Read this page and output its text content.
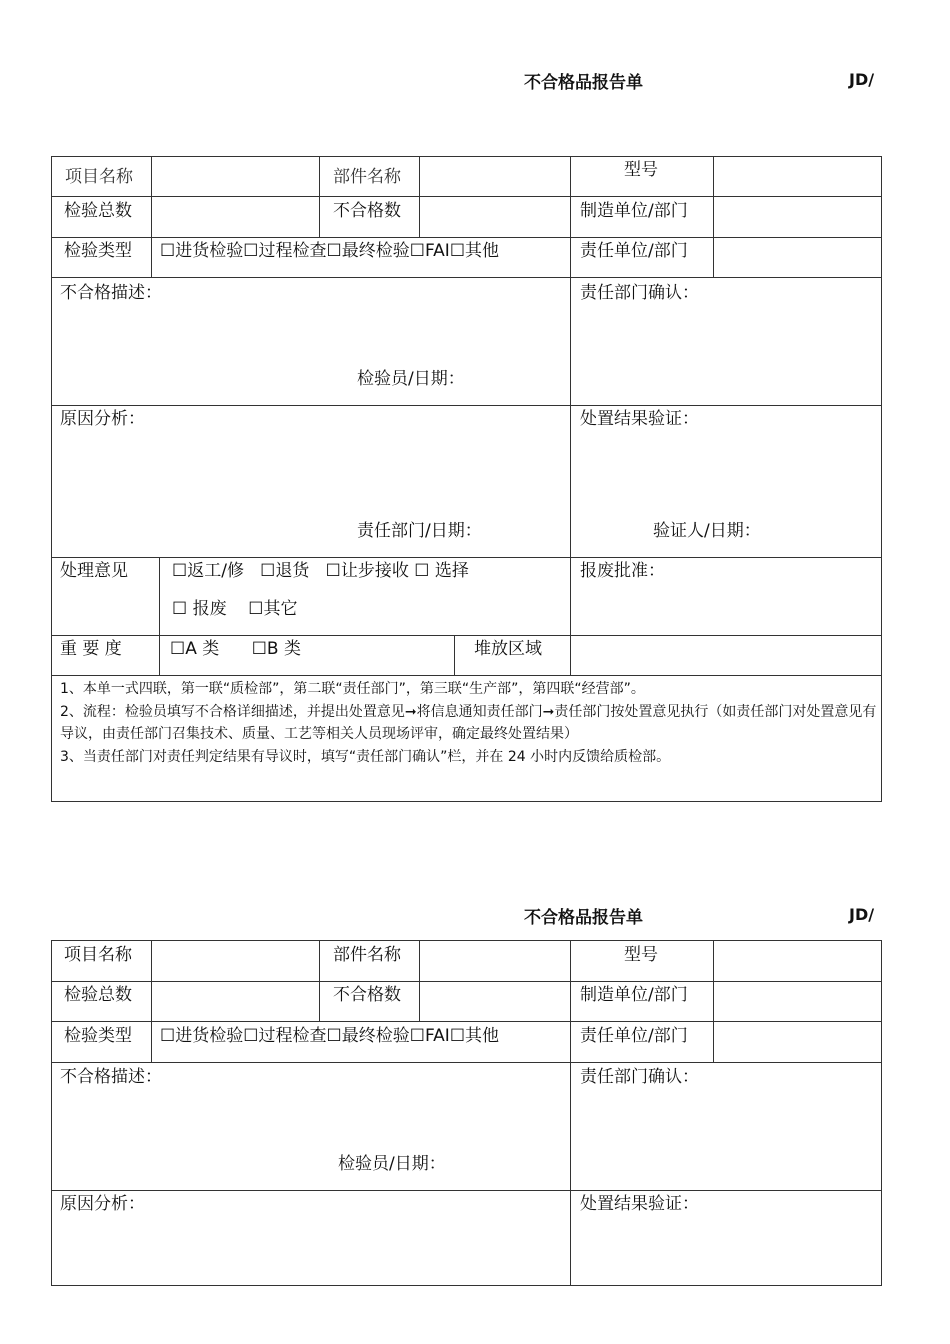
不合格品报告单	JD/
项目名称	部件名称	型号
检验总数	不合格数	制造单位/部门
检验类型 ☐进货检验☐过程检查☐最终检验☐FAI☐其他	责任单位/部门
不合格描述：	责任部门确认：
检验员/日期：
原因分析：	处置结果验证：
责任部门/日期：	验证人/日期：
处理意见	☐返工/修   ☐退货   ☐让步接收 ☐ 选择
☐ 报废    ☐其它
报废批准：
重 要 度	☐A 类      ☐B 类	堆放区域

1、本单一式四联，第一联“质检部”，第二联“责任部门”，第三联“生产部”，第四联“经营部”。

2、流程：检验员填写不合格详细描述，并提出处置意见➞将信息通知责任部门➞责任部门按处置意见执行（如责任部门对处置意见有导议，由责任部门召集技术、质量、工艺等相关人员现场评审，确定最终处置结果）

3、当责任部门对责任判定结果有导议时，填写“责任部门确认”栏，并在 24 小时内反馈给质检部。

不合格品报告单	JD/
项目名称	部件名称	型号
检验总数	不合格数	制造单位/部门
检验类型 ☐进货检验☐过程检查☐最终检验☐FAI☐其他	责任单位/部门
不合格描述：	责任部门确认：
检验员/日期：
原因分析：	处置结果验证：
